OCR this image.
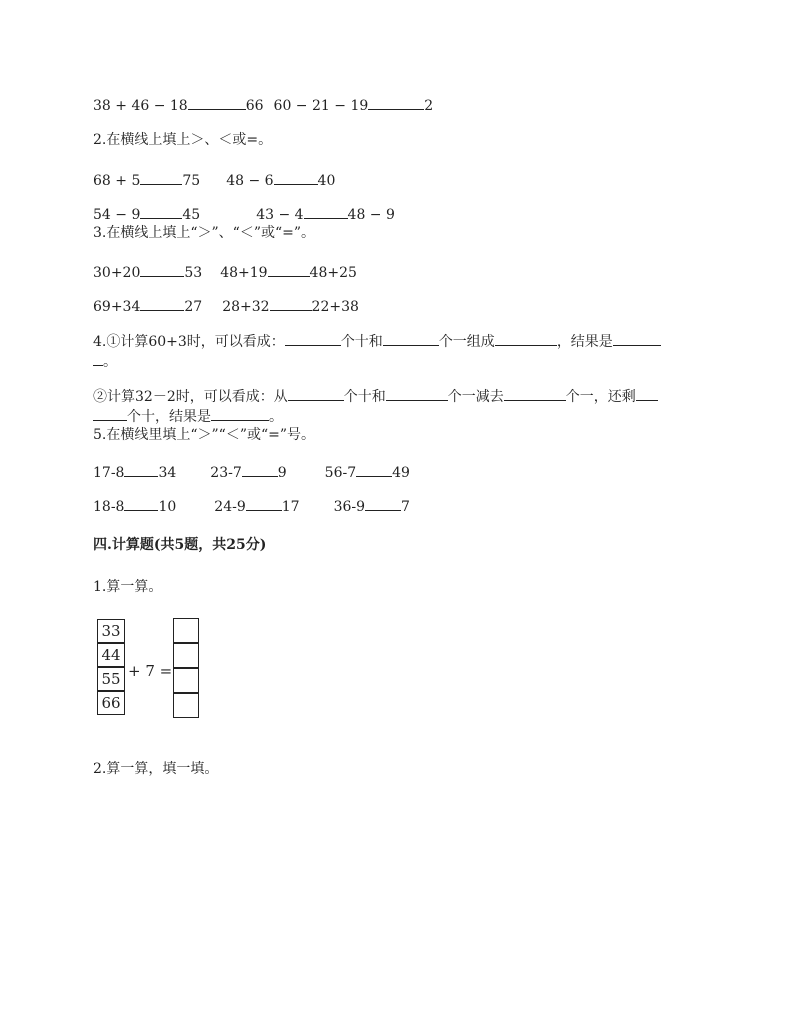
38 + 46 − 18	66 60 − 21 − 19	2
2.在横线上填上＞、＜或=。
68 + 5	75 48 − 6	40
54 − 9	45	43 − 4	48 − 9
3.在横线上填上“＞”、“＜”或“=”。
30+20	53 48+19	48+25
69+34	27 28+32	22+38
4.①计算60+3时，可以看成：	个十和	个一组成	，结果是
。
②计算32－2时，可以看成：从	个十和	个一减去	个一，还剩
个十，结果是	。
5.在横线里填上“＞”“＜”或“=”号。
17-8 34 23-7	9	56-7	49
18-8 10	24-9	17 36-9	7
四.计算题(共5题，共25分)
1.算一算。
33
44
55
66
+ 7 =
2.算一算，填一填。
